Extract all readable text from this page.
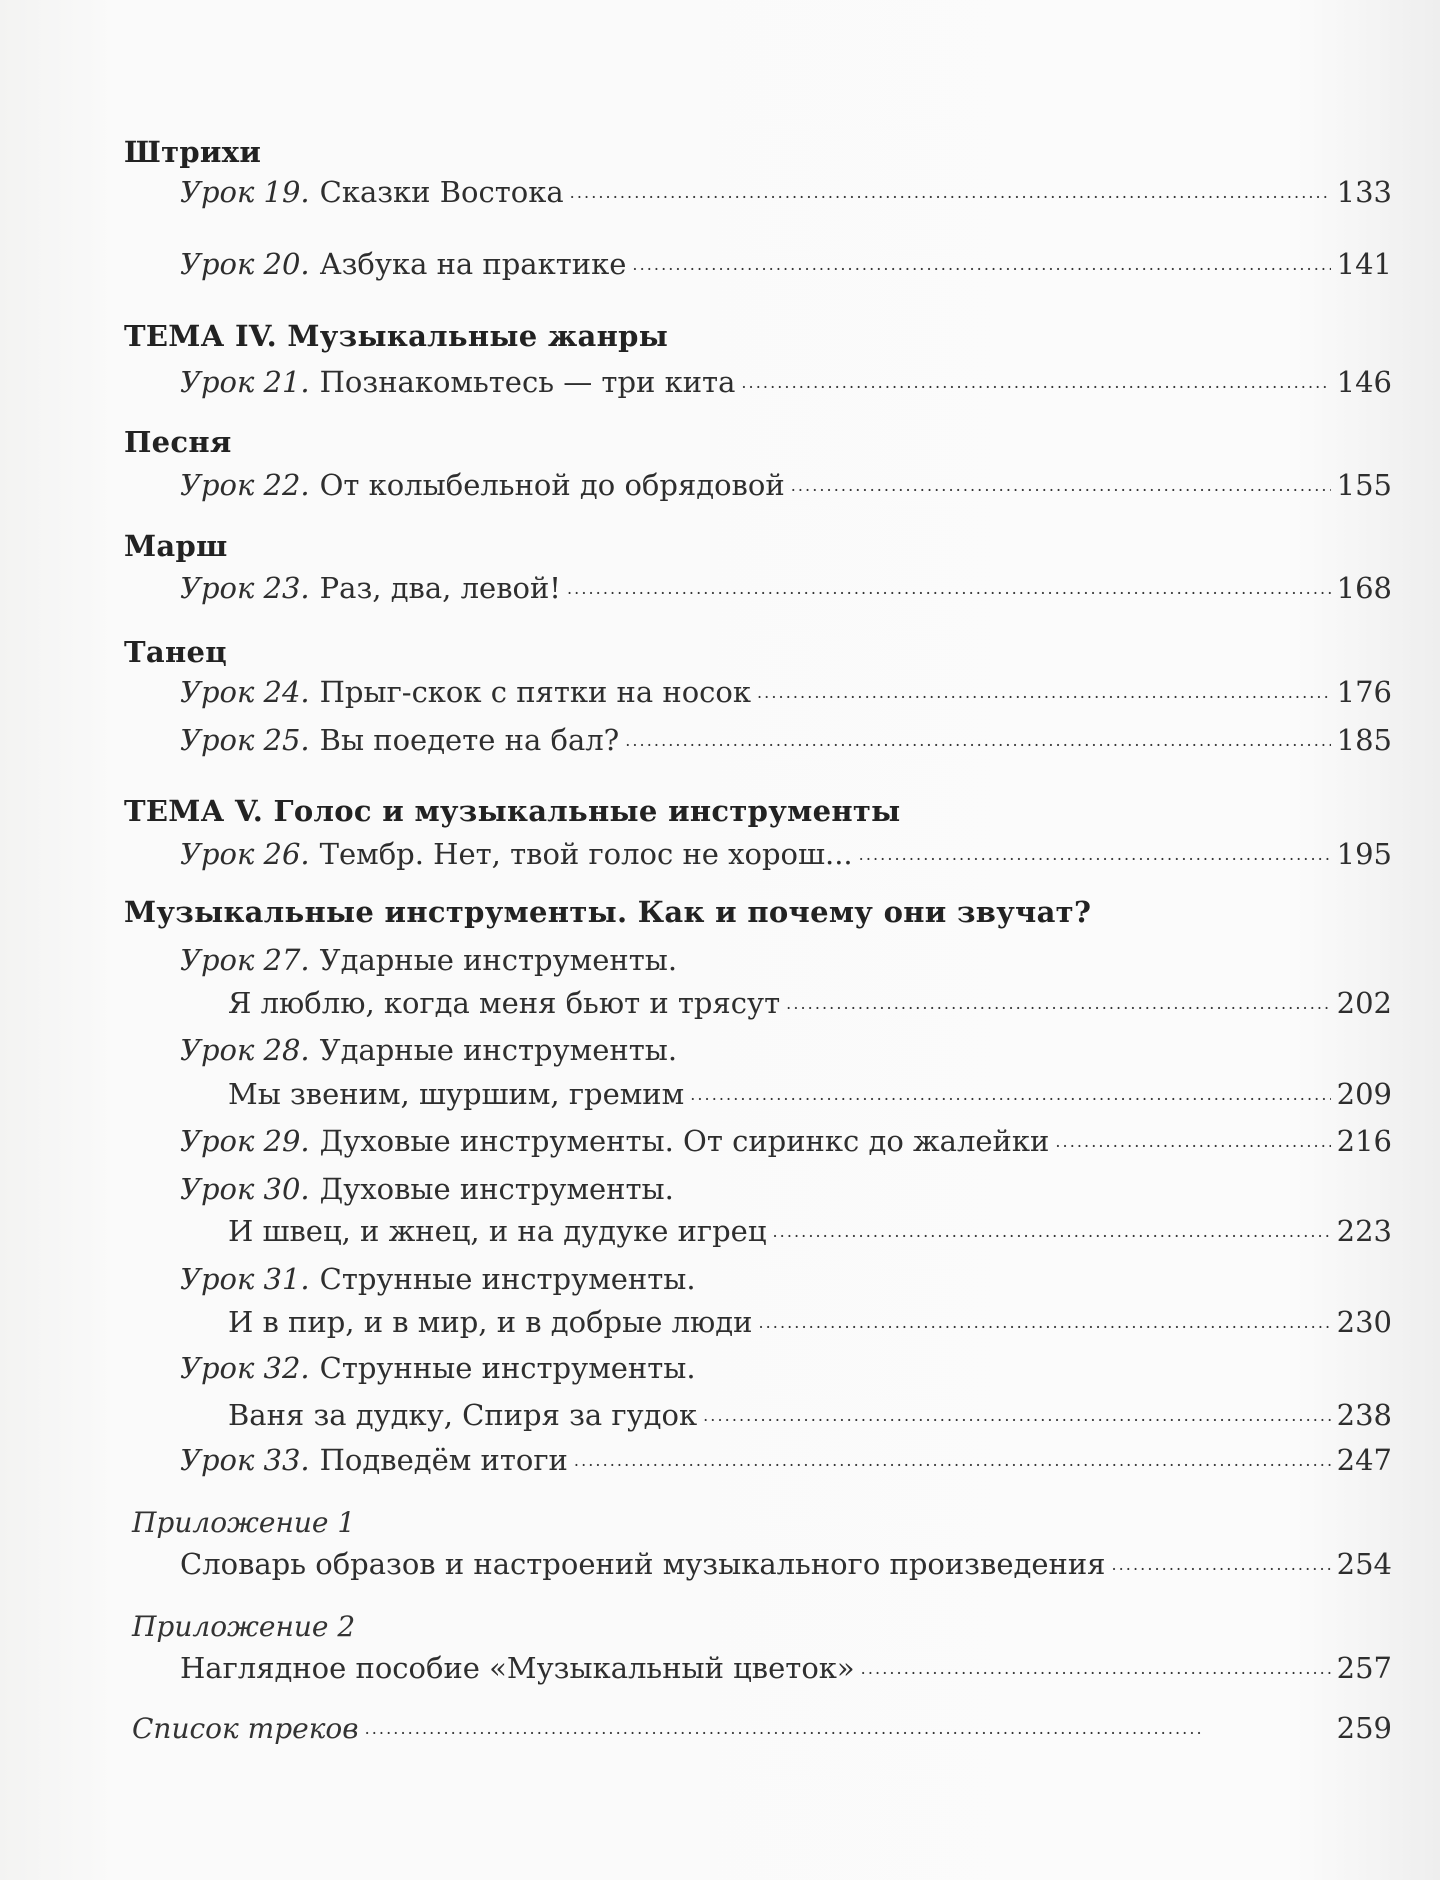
Штрихи
Урок 19. Сказки Востока . . .	133
Урок 20. Азбука на практике . . .	141
ТЕМА IV. Музыкальные жанры
Урок 21. Познакомьтесь — три кита . . .	146
Песня
Урок 22. От колыбельной до обрядовой . . .	155
Марш
Урок 23. Раз, два, левой! . . .	168
Танец
Урок 24. Прыг-скок с пятки на носок . . .	176
Урок 25. Вы поедете на бал? . . .	185
ТЕМА V. Голос и музыкальные инструменты
Урок 26. Тембр. Нет, твой голос не хорош... . . .	195
Музыкальные инструменты. Как и почему они звучат?
Урок 27. Ударные инструменты.
Я люблю, когда меня бьют и трясут . . .	202
Урок 28. Ударные инструменты.
Мы звеним, шуршим, гремим . . .	209
Урок 29. Духовые инструменты. От сиринкс до жалейки . . .	216
Урок 30. Духовые инструменты.
И швец, и жнец, и на дудуке игрец . . .	223
Урок 31. Струнные инструменты.
И в пир, и в мир, и в добрые люди . . .	230
Урок 32. Струнные инструменты.
Ваня за дудку, Спиря за гудок . . .	238
Урок 33. Подведём итоги . . .	247
Приложение 1
Словарь образов и настроений музыкального произведения . . .	254
Приложение 2
Наглядное пособие «Музыкальный цветок» . . .	257
Список треков . . .	259
